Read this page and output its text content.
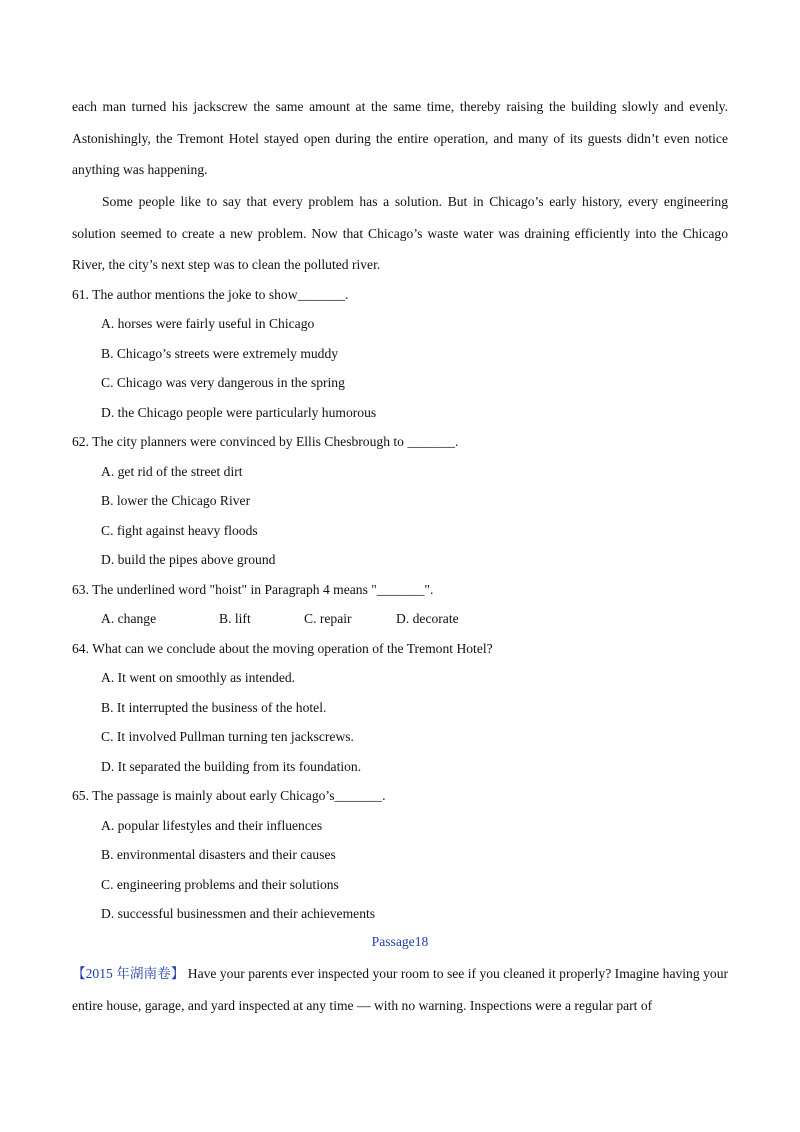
each man turned his jackscrew the same amount at the same time, thereby raising the building slowly and evenly. Astonishingly, the Tremont Hotel stayed open during the entire operation, and many of its guests didn’t even notice anything was happening.
Some people like to say that every problem has a solution. But in Chicago’s early history, every engineering solution seemed to create a new problem. Now that Chicago’s waste water was draining efficiently into the Chicago River, the city’s next step was to clean the polluted river.

61. The author mentions the joke to show_______.

A. horses were fairly useful in Chicago

B. Chicago’s streets were extremely muddy

C. Chicago was very dangerous in the spring

D. the Chicago people were particularly humorous

62. The city planners were convinced by Ellis Chesbrough to _______.

A. get rid of the street dirt

B. lower the Chicago River

C. fight against heavy floods

D. build the pipes above ground

63. The underlined word "hoist" in Paragraph 4 means "_______".

A. change	B. lift	C. repair	D. decorate

64. What can we conclude about the moving operation of the Tremont Hotel?

A. It went on smoothly as intended.

B. It interrupted the business of the hotel.

C. It involved Pullman turning ten jackscrews.

D. It separated the building from its foundation.

65. The passage is mainly about early Chicago’s_______.

A. popular lifestyles and their influences

B. environmental disasters and their causes

C. engineering problems and their solutions

D. successful businessmen and their achievements

Passage18

【2015 年湖南卷】 Have your parents ever inspected your room to see if you cleaned it properly? Imagine having your entire house, garage, and yard inspected at any time — with no warning. Inspections were a regular part of
